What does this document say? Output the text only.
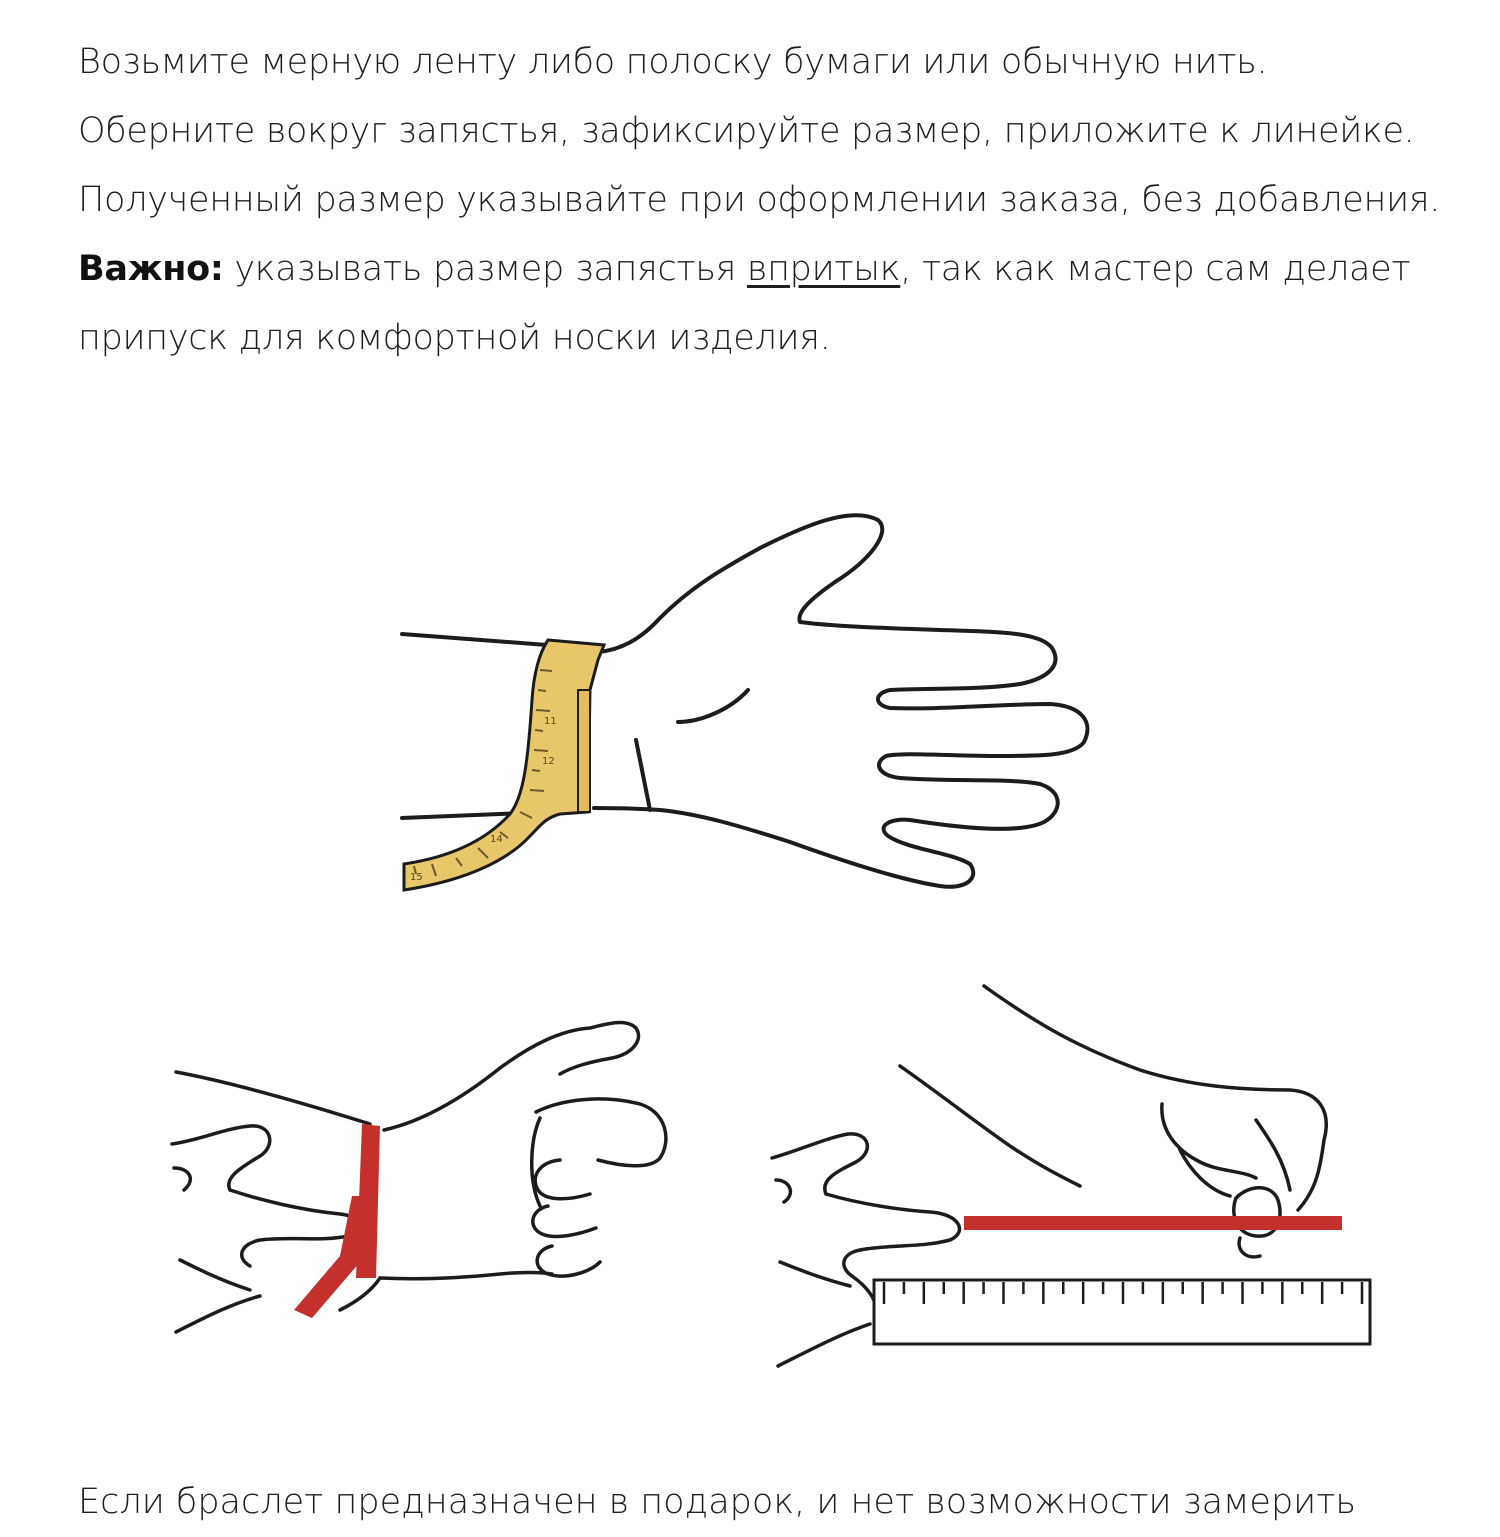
Возьмите мерную ленту либо полоску бумаги или обычную нить. Оберните вокруг запястья, зафиксируйте размер, приложите к линейке. Полученный размер указывайте при оформлении заказа, без добавления.

Важно: указывать размер запястья впритык, так как мастер сам делает припуск для комфортной носки изделия.

11
12
14
15
Если браслет предназначен в подарок, и нет возможности замерить
